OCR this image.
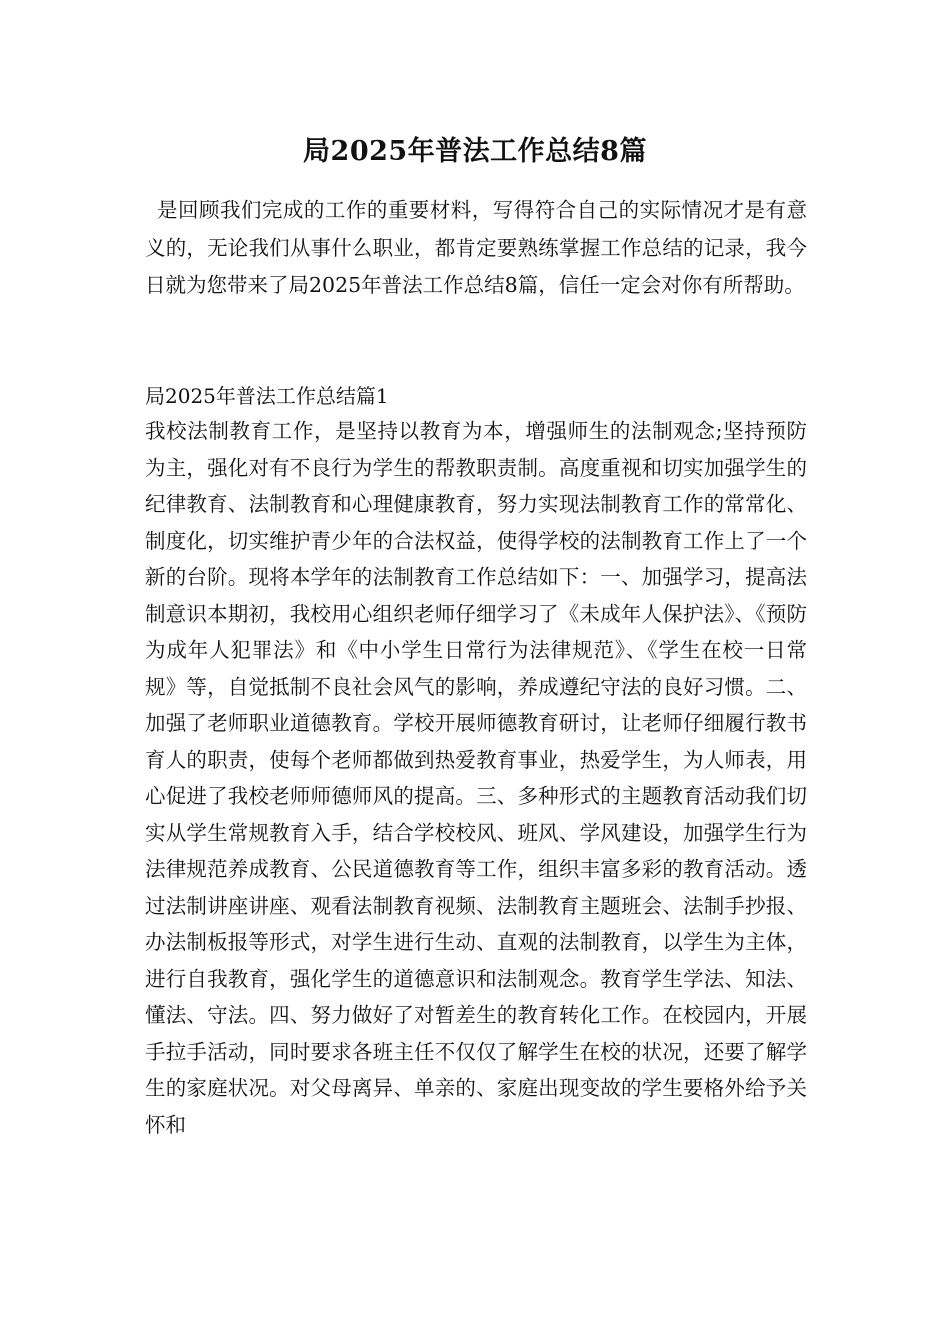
局2025年普法工作总结8篇

是回顾我们完成的工作的重要材料，写得符合自己的实际情况才是有意义的，无论我们从事什么职业，都肯定要熟练掌握工作总结的记录，我今日就为您带来了局2025年普法工作总结8篇，信任一定会对你有所帮助。

局2025年普法工作总结篇1

我校法制教育工作，是坚持以教育为本，增强师生的法制观念;坚持预防为主，强化对有不良行为学生的帮教职责制。高度重视和切实加强学生的纪律教育、法制教育和心理健康教育，努力实现法制教育工作的常常化、制度化，切实维护青少年的合法权益，使得学校的法制教育工作上了一个新的台阶。现将本学年的法制教育工作总结如下：一、加强学习，提高法制意识本期初，我校用心组织老师仔细学习了《未成年人保护法》、《预防为成年人犯罪法》和《中小学生日常行为法律规范》、《学生在校一日常规》等，自觉抵制不良社会风气的影响，养成遵纪守法的良好习惯。二、加强了老师职业道德教育。学校开展师德教育研讨，让老师仔细履行教书育人的职责，使每个老师都做到热爱教育事业，热爱学生，为人师表，用心促进了我校老师师德师风的提高。三、多种形式的主题教育活动我们切实从学生常规教育入手，结合学校校风、班风、学风建设，加强学生行为法律规范养成教育、公民道德教育等工作，组织丰富多彩的教育活动。透过法制讲座讲座、观看法制教育视频、法制教育主题班会、法制手抄报、办法制板报等形式，对学生进行生动、直观的法制教育，以学生为主体，进行自我教育，强化学生的道德意识和法制观念。教育学生学法、知法、懂法、守法。四、努力做好了对暂差生的教育转化工作。在校园内，开展手拉手活动，同时要求各班主任不仅仅了解学生在校的状况，还要了解学生的家庭状况。对父母离异、单亲的、家庭出现变故的学生要格外给予关怀和
